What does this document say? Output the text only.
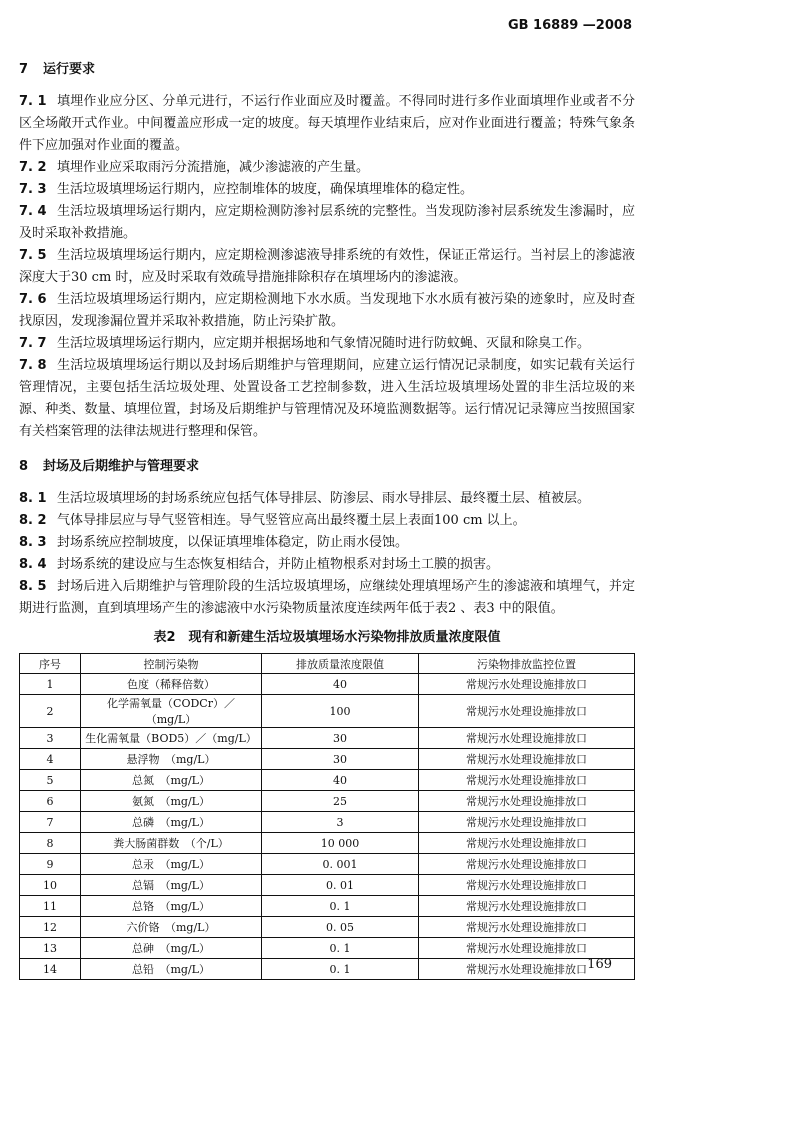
GB 16889 —2008
7 运行要求

7. 1 填埋作业应分区、分单元进行，不运行作业面应及时覆盖。不得同时进行多作业面填埋作业或者不分区全场敞开式作业。中间覆盖应形成一定的坡度。每天填埋作业结束后，应对作业面进行覆盖；特殊气象条件下应加强对作业面的覆盖。

7. 2 填埋作业应采取雨污分流措施，减少渗滤液的产生量。

7. 3 生活垃圾填埋场运行期内，应控制堆体的坡度，确保填埋堆体的稳定性。

7. 4 生活垃圾填埋场运行期内，应定期检测防渗衬层系统的完整性。当发现防渗衬层系统发生渗漏时，应及时采取补救措施。

7. 5 生活垃圾填埋场运行期内，应定期检测渗滤液导排系统的有效性，保证正常运行。当衬层上的渗滤液深度大于30 cm 时，应及时采取有效疏导措施排除积存在填埋场内的渗滤液。

7. 6 生活垃圾填埋场运行期内，应定期检测地下水水质。当发现地下水水质有被污染的迹象时，应及时查找原因，发现渗漏位置并采取补救措施，防止污染扩散。

7. 7 生活垃圾填埋场运行期内，应定期并根据场地和气象情况随时进行防蚊蝇、灭鼠和除臭工作。

7. 8 生活垃圾填埋场运行期以及封场后期维护与管理期间，应建立运行情况记录制度，如实记载有关运行管理情况，主要包括生活垃圾处理、处置设备工艺控制参数，进入生活垃圾填埋场处置的非生活垃圾的来源、种类、数量、填埋位置，封场及后期维护与管理情况及环境监测数据等。运行情况记录簿应当按照国家有关档案管理的法律法规进行整理和保管。

8 封场及后期维护与管理要求

8. 1 生活垃圾填埋场的封场系统应包括气体导排层、防渗层、雨水导排层、最终覆土层、植被层。

8. 2 气体导排层应与导气竖管相连。导气竖管应高出最终覆土层上表面100 cm 以上。

8. 3 封场系统应控制坡度，以保证填埋堆体稳定，防止雨水侵蚀。

8. 4 封场系统的建设应与生态恢复相结合，并防止植物根系对封场土工膜的损害。

8. 5 封场后进入后期维护与管理阶段的生活垃圾填埋场，应继续处理填埋场产生的渗滤液和填埋气，并定期进行监测，直到填埋场产生的渗滤液中水污染物质量浓度连续两年低于表2 、表3 中的限值。

表2　现有和新建生活垃圾填埋场水污染物排放质量浓度限值
序号	控制污染物	排放质量浓度限值	污染物排放监控位置
1	色度（稀释倍数）	40	常规污水处理设施排放口
2	化学需氧量（CODCr）／（mg/L）	100	常规污水处理设施排放口
3	生化需氧量（BOD5）／（mg/L）	30	常规污水处理设施排放口
4	悬浮物　（mg/L）	30	常规污水处理设施排放口
5	总氮　（mg/L）	40	常规污水处理设施排放口
6	氨氮　（mg/L）	25	常规污水处理设施排放口
7	总磷　（mg/L）	3	常规污水处理设施排放口
8	粪大肠菌群数　（个/L）	10 000	常规污水处理设施排放口
9	总汞　（mg/L）	0. 001	常规污水处理设施排放口
10	总镉　（mg/L）	0. 01	常规污水处理设施排放口
11	总铬　（mg/L）	0. 1	常规污水处理设施排放口
12	六价铬　（mg/L）	0. 05	常规污水处理设施排放口
13	总砷　（mg/L）	0. 1	常规污水处理设施排放口
14	总铅　（mg/L）	0. 1	常规污水处理设施排放口 169
